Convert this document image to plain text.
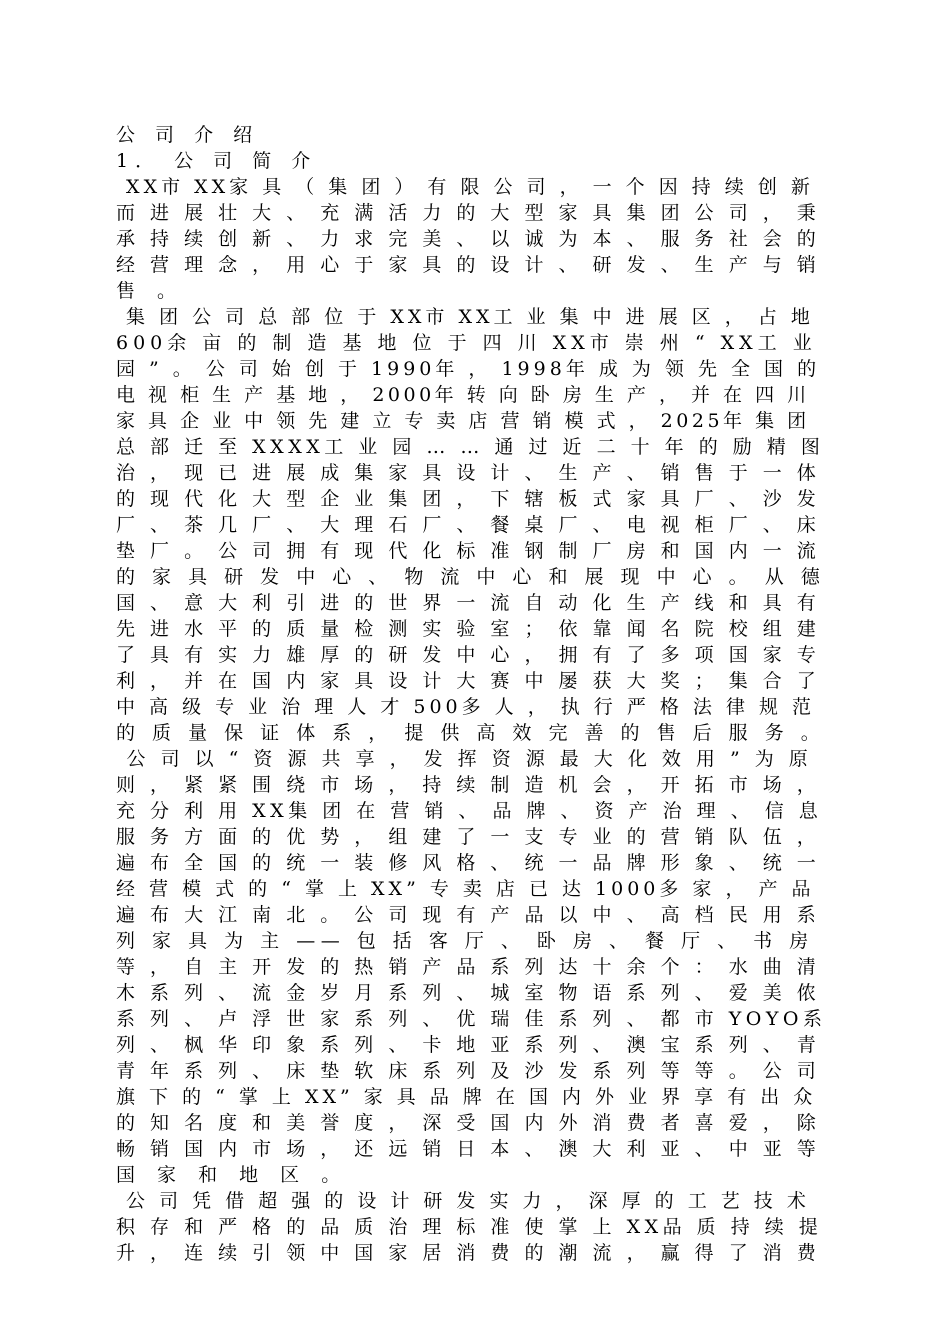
公 司 介 绍
1． 公 司 简 介
XX市 XX家 具 （ 集 团 ） 有 限 公 司 ， 一 个 因 持 续 创 新
而 进 展 壮 大 、 充 满 活 力 的 大 型 家 具 集 团 公 司 ， 秉
承 持 续 创 新 、 力 求 完 美 、 以 诚 为 本 、 服 务 社 会 的
经 营 理 念 ， 用 心 于 家 具 的 设 计 、 研 发 、 生 产 与 销
售 。
集 团 公 司 总 部 位 于 XX市 XX工 业 集 中 进 展 区 ， 占 地
600余 亩 的 制 造 基 地 位 于 四 川 XX市 崇 州 “ XX工 业
园 ” 。 公 司 始 创 于 1990年 ， 1998年 成 为 领 先 全 国 的
电 视 柜 生 产 基 地 ， 2000年 转 向 卧 房 生 产 ， 并 在 四 川
家 具 企 业 中 领 先 建 立 专 卖 店 营 销 模 式 ， 2025年 集 团
总 部 迁 至 XXXX工 业 园 … … 通 过 近 二 十 年 的 励 精 图
治 ， 现 已 进 展 成 集 家 具 设 计 、 生 产 、 销 售 于 一 体
的 现 代 化 大 型 企 业 集 团 ， 下 辖 板 式 家 具 厂 、 沙 发
厂 、 茶 几 厂 、 大 理 石 厂 、 餐 桌 厂 、 电 视 柜 厂 、 床
垫 厂 。 公 司 拥 有 现 代 化 标 准 钢 制 厂 房 和 国 内 一 流
的 家 具 研 发 中 心 、 物 流 中 心 和 展 现 中 心 。 从 德
国 、 意 大 利 引 进 的 世 界 一 流 自 动 化 生 产 线 和 具 有
先 进 水 平 的 质 量 检 测 实 验 室 ； 依 靠 闻 名 院 校 组 建
了 具 有 实 力 雄 厚 的 研 发 中 心 ， 拥 有 了 多 项 国 家 专
利 ， 并 在 国 内 家 具 设 计 大 赛 中 屡 获 大 奖 ； 集 合 了
中 高 级 专 业 治 理 人 才 500多 人 ， 执 行 严 格 法 律 规 范
的 质 量 保 证 体 系 ， 提 供 高 效 完 善 的 售 后 服 务 。
公 司 以 “ 资 源 共 享 ， 发 挥 资 源 最 大 化 效 用 ” 为 原
则 ， 紧 紧 围 绕 市 场 ， 持 续 制 造 机 会 ， 开 拓 市 场 ，
充 分 利 用 XX集 团 在 营 销 、 品 牌 、 资 产 治 理 、 信 息
服 务 方 面 的 优 势 ， 组 建 了 一 支 专 业 的 营 销 队 伍 ，
遍 布 全 国 的 统 一 装 修 风 格 、 统 一 品 牌 形 象 、 统 一
经 营 模 式 的 “ 掌 上 XX” 专 卖 店 已 达 1000多 家 ， 产 品
遍 布 大 江 南 北 。 公 司 现 有 产 品 以 中 、 高 档 民 用 系
列 家 具 为 主 —— 包 括 客 厅 、 卧 房 、 餐 厅 、 书 房
等 ， 自 主 开 发 的 热 销 产 品 系 列 达 十 余 个 ： 水 曲 清
木 系 列 、 流 金 岁 月 系 列 、 城 室 物 语 系 列 、 爱 美 侬
系 列 、 卢 浮 世 家 系 列 、 优 瑞 佳 系 列 、 都 市 YOYO系
列 、 枫 华 印 象 系 列 、 卡 地 亚 系 列 、 澳 宝 系 列 、 青
青 年 系 列 、 床 垫 软 床 系 列 及 沙 发 系 列 等 等 。 公 司
旗 下 的 “ 掌 上 XX” 家 具 品 牌 在 国 内 外 业 界 享 有 出 众
的 知 名 度 和 美 誉 度 ， 深 受 国 内 外 消 费 者 喜 爱 ， 除
畅 销 国 内 市 场 ， 还 远 销 日 本 、 澳 大 利 亚 、 中 亚 等
国 家 和 地 区 。
公 司 凭 借 超 强 的 设 计 研 发 实 力 ， 深 厚 的 工 艺 技 术
积 存 和 严 格 的 品 质 治 理 标 准 使 掌 上 XX品 质 持 续 提
升 ， 连 续 引 领 中 国 家 居 消 费 的 潮 流 ， 赢 得 了 消 费
